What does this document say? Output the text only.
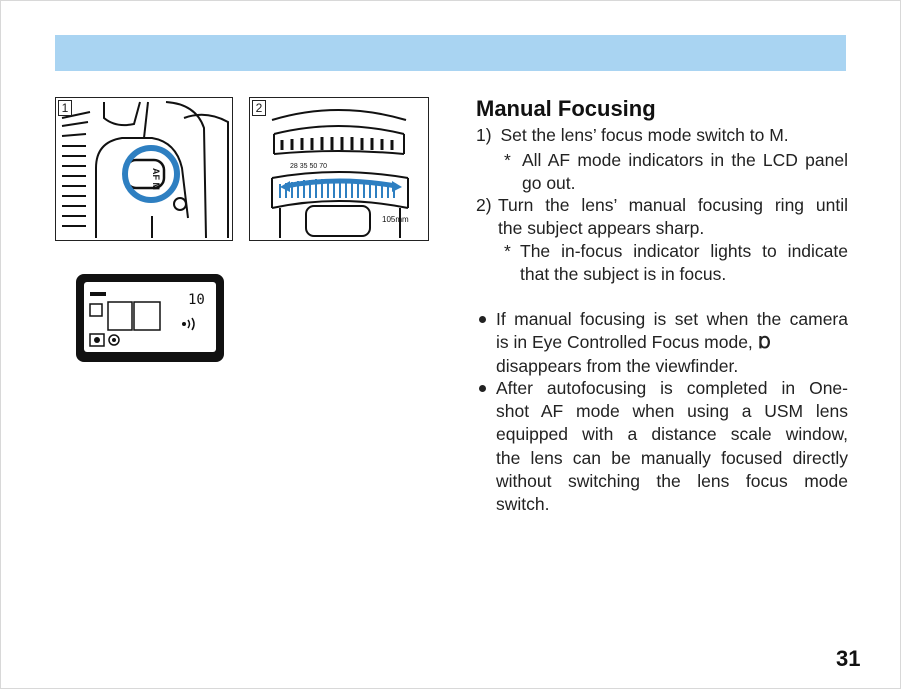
1
AF M
2
28 35 50 70
105mm
10
Manual Focusing
1) Set the lens’ focus mode switch to M.
* All AF mode indicators in the LCD panel
go out.
2) Turn the lens’ manual focusing ring until
the subject appears sharp.
* The in-focus indicator lights to indicate
that the subject is in focus.
If manual focusing is set when the camera
is in Eye Controlled Focus mode, Ɒ
disappears from the viewfinder.
After autofocusing is completed in One-
shot AF mode when using a USM lens
equipped with a distance scale window,
the lens can be manually focused directly
without switching the lens focus mode
switch.
31
